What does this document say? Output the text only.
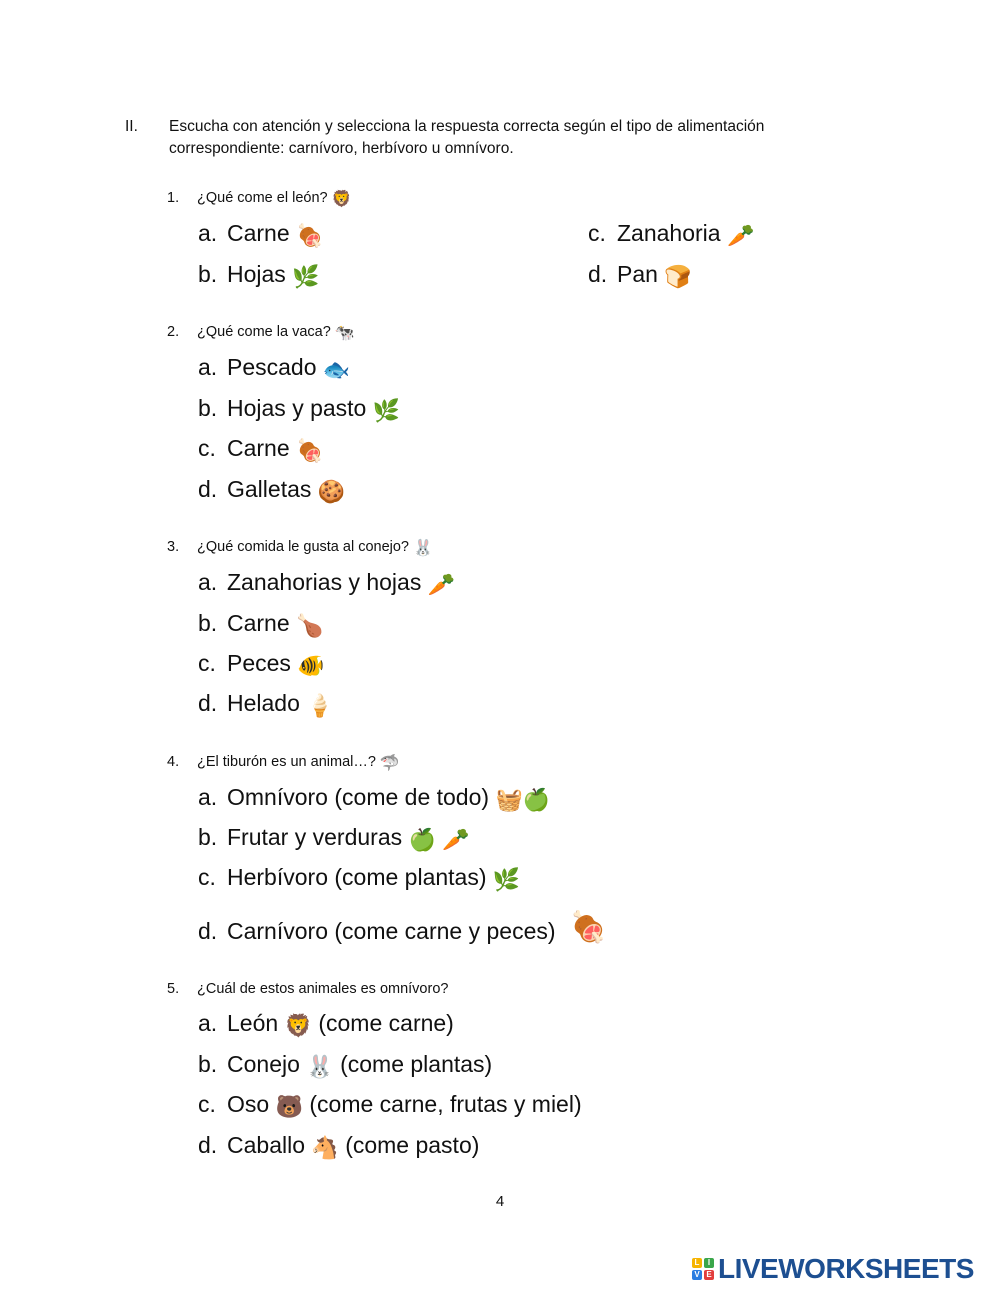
II. Escucha con atención y selecciona la respuesta correcta según el tipo de alimentación correspondiente: carnívoro, herbívoro u omnívoro.
1. ¿Qué come el león? 🦁
a. Carne 🍖
b. Hojas 🌿
c. Zanahoria 🥕
d. Pan 🍞
2. ¿Qué come la vaca? 🐄
a. Pescado 🐟
b. Hojas y pasto 🌿
c. Carne 🍖
d. Galletas 🍪
3. ¿Qué comida le gusta al conejo? 🐰
a. Zanahorias y hojas 🥕
b. Carne 🍗
c. Peces 🐠
d. Helado 🍦
4. ¿El tiburón es un animal…? 🦈
a. Omnívoro (come de todo) 🧺🍏
b. Frutar y verduras 🍏 🥕
c. Herbívoro (come plantas) 🌿
d. Carnívoro (come carne y peces) 🍖
5. ¿Cuál de estos animales es omnívoro?
a. León 🦁 (come carne)
b. Conejo 🐰 (come plantas)
c. Oso 🐻 (come carne, frutas y miel)
d. Caballo 🐴 (come pasto)
4
L	I
V E LIVEWORKSHEETS
